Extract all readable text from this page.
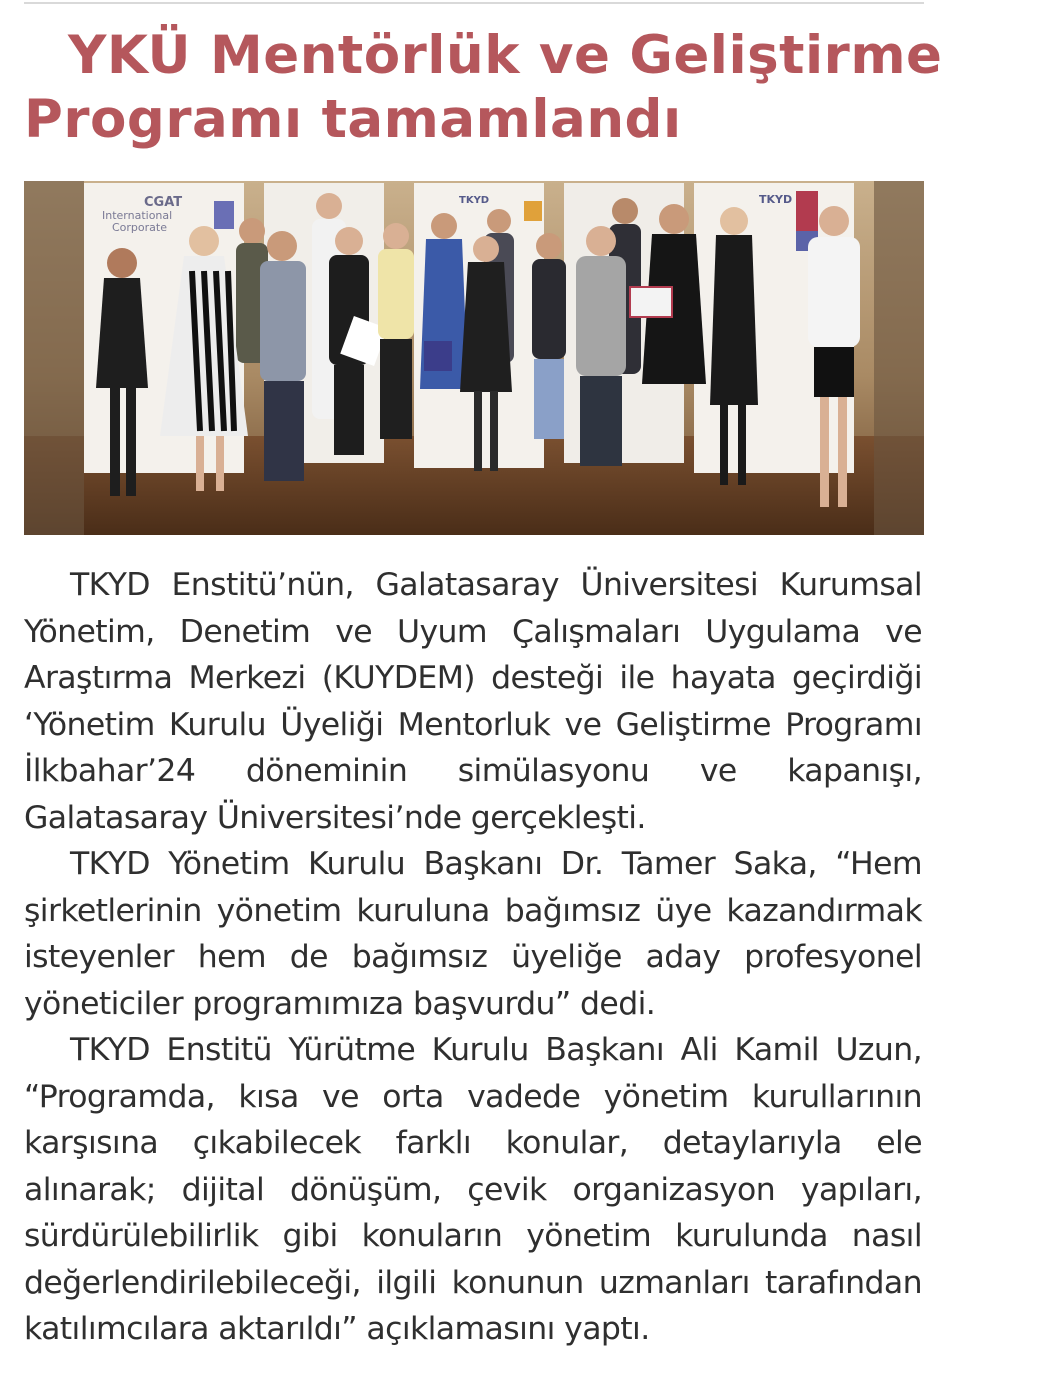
YKÜ Mentörlük ve Geliştirme
Programı tamamlandı
CGAT
International
Corporate
TKYD	TKYD

TKYD Enstitü’nün, Galatasaray Üniversitesi Kurumsal Yönetim, Denetim ve Uyum Çalışmaları Uygulama ve Araştırma Merkezi (KUYDEM) desteği ile hayata geçirdiği ‘Yönetim Kurulu Üyeliği Mentorluk ve Geliştirme Programı İlkbahar’24 döneminin simülasyonu ve kapanışı, Galatasaray Üniversitesi’nde gerçekleşti.

TKYD Yönetim Kurulu Başkanı Dr. Tamer Saka, “Hem şirketlerinin yönetim kuruluna bağımsız üye kazandırmak isteyenler hem de bağımsız üyeliğe aday profesyonel yöneticiler programımıza başvurdu” dedi.

TKYD Enstitü Yürütme Kurulu Başkanı Ali Kamil Uzun, “Programda, kısa ve orta vadede yönetim kurullarının karşısına çıkabilecek farklı konular, detaylarıyla ele alınarak; dijital dönüşüm, çevik organizasyon yapıları, sürdürülebilirlik gibi konuların yönetim kurulunda nasıl değerlendirilebileceği, ilgili konunun uzmanları tarafından katılımcılara aktarıldı” açıklamasını yaptı.
